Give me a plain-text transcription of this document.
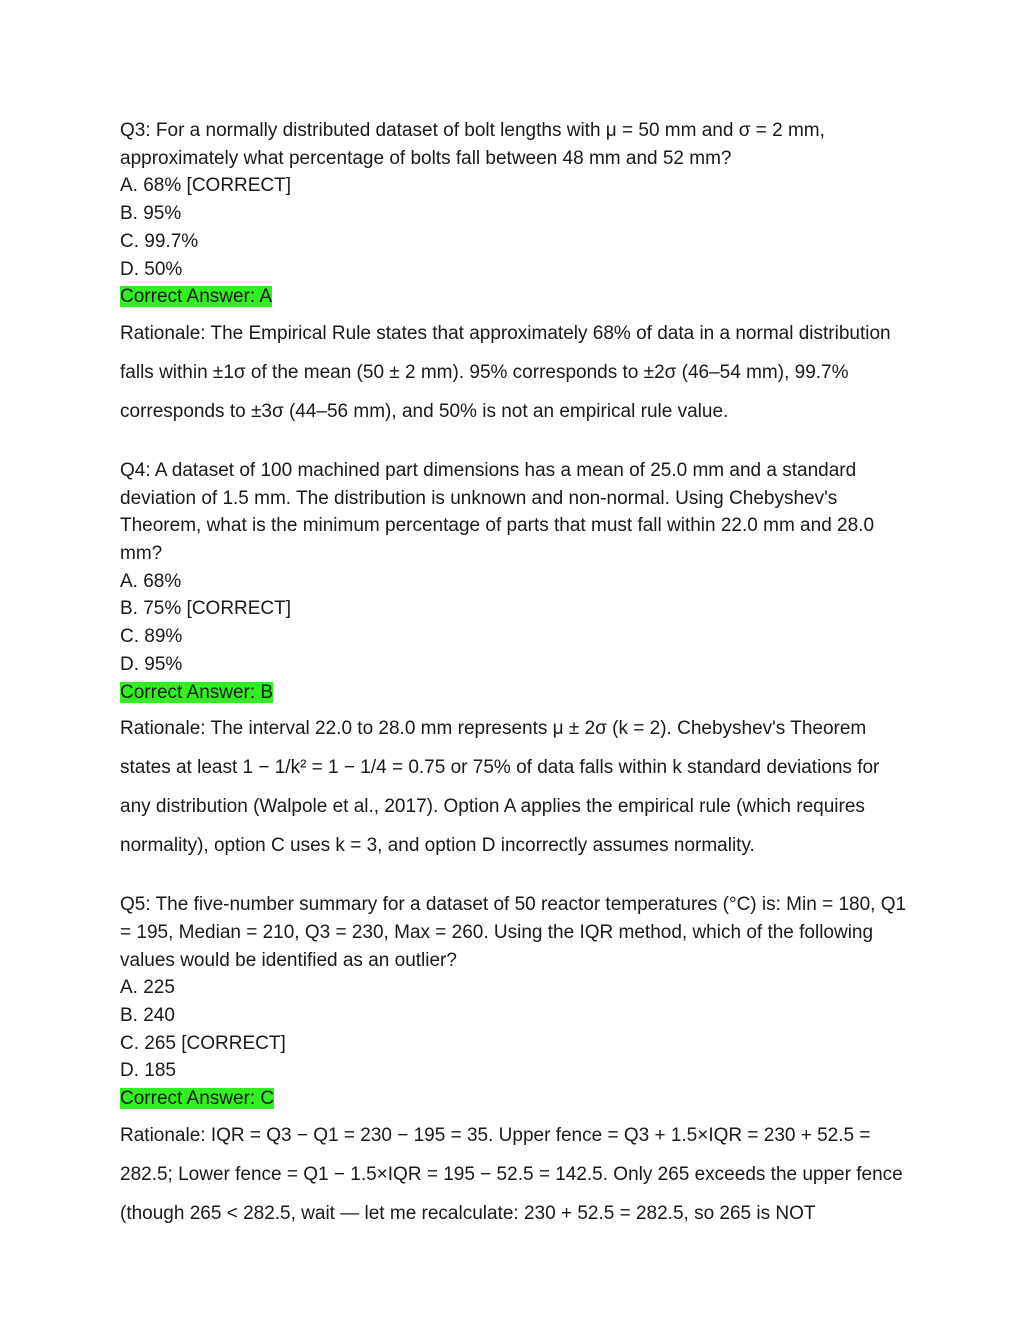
Q3: For a normally distributed dataset of bolt lengths with μ = 50 mm and σ = 2 mm, approximately what percentage of bolts fall between 48 mm and 52 mm?

A. 68% [CORRECT]

B. 95%

C. 99.7%

D. 50%

Correct Answer: A

Rationale: The Empirical Rule states that approximately 68% of data in a normal distribution falls within ±1σ of the mean (50 ± 2 mm). 95% corresponds to ±2σ (46–54 mm), 99.7% corresponds to ±3σ (44–56 mm), and 50% is not an empirical rule value.

Q4: A dataset of 100 machined part dimensions has a mean of 25.0 mm and a standard deviation of 1.5 mm. The distribution is unknown and non-normal. Using Chebyshev's Theorem, what is the minimum percentage of parts that must fall within 22.0 mm and 28.0 mm?

A. 68%

B. 75% [CORRECT]

C. 89%

D. 95%

Correct Answer: B

Rationale: The interval 22.0 to 28.0 mm represents μ ± 2σ (k = 2). Chebyshev's Theorem states at least 1 − 1/k² = 1 − 1/4 = 0.75 or 75% of data falls within k standard deviations for any distribution (Walpole et al., 2017). Option A applies the empirical rule (which requires normality), option C uses k = 3, and option D incorrectly assumes normality.

Q5: The five-number summary for a dataset of 50 reactor temperatures (°C) is: Min = 180, Q1 = 195, Median = 210, Q3 = 230, Max = 260. Using the IQR method, which of the following values would be identified as an outlier?

A. 225

B. 240

C. 265 [CORRECT]

D. 185

Correct Answer: C

Rationale: IQR = Q3 − Q1 = 230 − 195 = 35. Upper fence = Q3 + 1.5×IQR = 230 + 52.5 = 282.5; Lower fence = Q1 − 1.5×IQR = 195 − 52.5 = 142.5. Only 265 exceeds the upper fence (though 265 < 282.5, wait — let me recalculate: 230 + 52.5 = 282.5, so 265 is NOT
